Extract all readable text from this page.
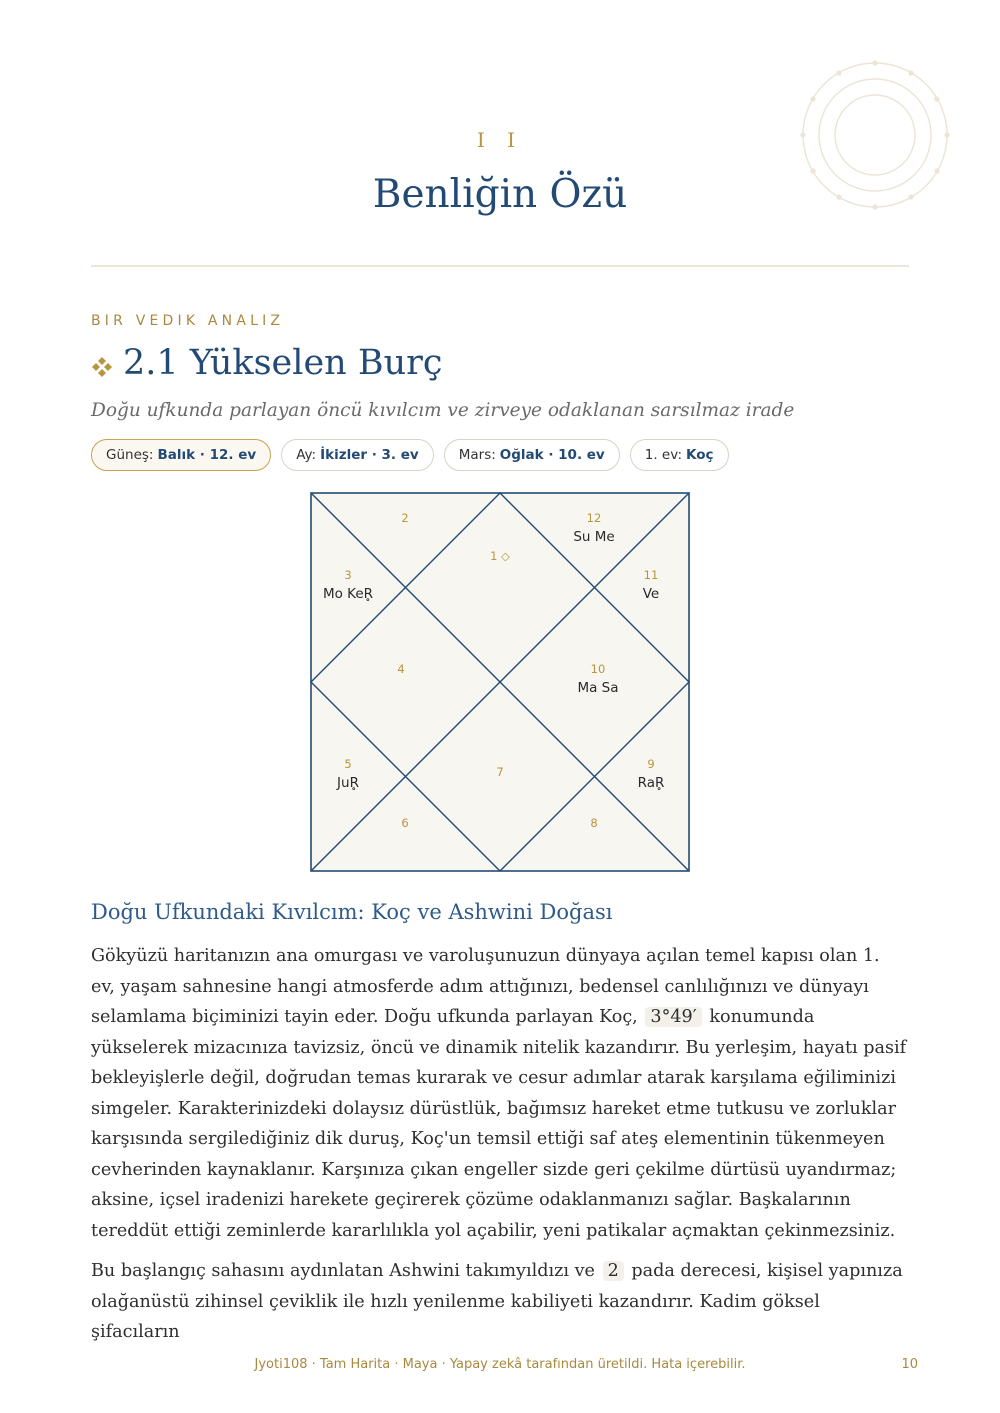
I I
Benliğin Özü
BIR VEDIK ANALIZ
2.1 Yükselen Burç
Doğu ufkunda parlayan öncü kıvılcım ve zirveye odaklanan sarsılmaz irade
Güneş: Balık · 12. ev	Ay: İkizler · 3. ev	Mars: Oğlak · 10. ev	1. ev: Koç
1 ◇
2
3
4
5
6
7
8
9
10
11
12
Su Me
Mo KeR̥	Ve
Ma Sa
JuR̥	RaR̥
Doğu Ufkundaki Kıvılcım: Koç ve Ashwini Doğası

Gökyüzü haritanızın ana omurgası ve varoluşunuzun dünyaya açılan temel kapısı olan 1. ev, yaşam sahnesine hangi atmosferde adım attığınızı, bedensel canlılığınızı ve dünyayı selamlama biçiminizi tayin eder. Doğu ufkunda parlayan Koç, 3°49′ konumunda yükselerek mizacınıza tavizsiz, öncü ve dinamik nitelik kazandırır. Bu yerleşim, hayatı pasif bekleyişlerle değil, doğrudan temas kurarak ve cesur adımlar atarak karşılama eğiliminizi simgeler. Karakterinizdeki dolaysız dürüstlük, bağımsız hareket etme tutkusu ve zorluklar karşısında sergilediğiniz dik duruş, Koç'un temsil ettiği saf ateş elementinin tükenmeyen cevherinden kaynaklanır. Karşınıza çıkan engeller sizde geri çekilme dürtüsü uyandırmaz; aksine, içsel iradenizi harekete geçirerek çözüme odaklanmanızı sağlar. Başkalarının tereddüt ettiği zeminlerde kararlılıkla yol açabilir, yeni patikalar açmaktan çekinmezsiniz.

Bu başlangıç sahasını aydınlatan Ashwini takımyıldızı ve 2 pada derecesi, kişisel yapınıza olağanüstü zihinsel çeviklik ile hızlı yenilenme kabiliyeti kazandırır. Kadim göksel şifacıların

Jyoti108 · Tam Harita · Maya · Yapay zekâ tarafından üretildi. Hata içerebilir.	10
